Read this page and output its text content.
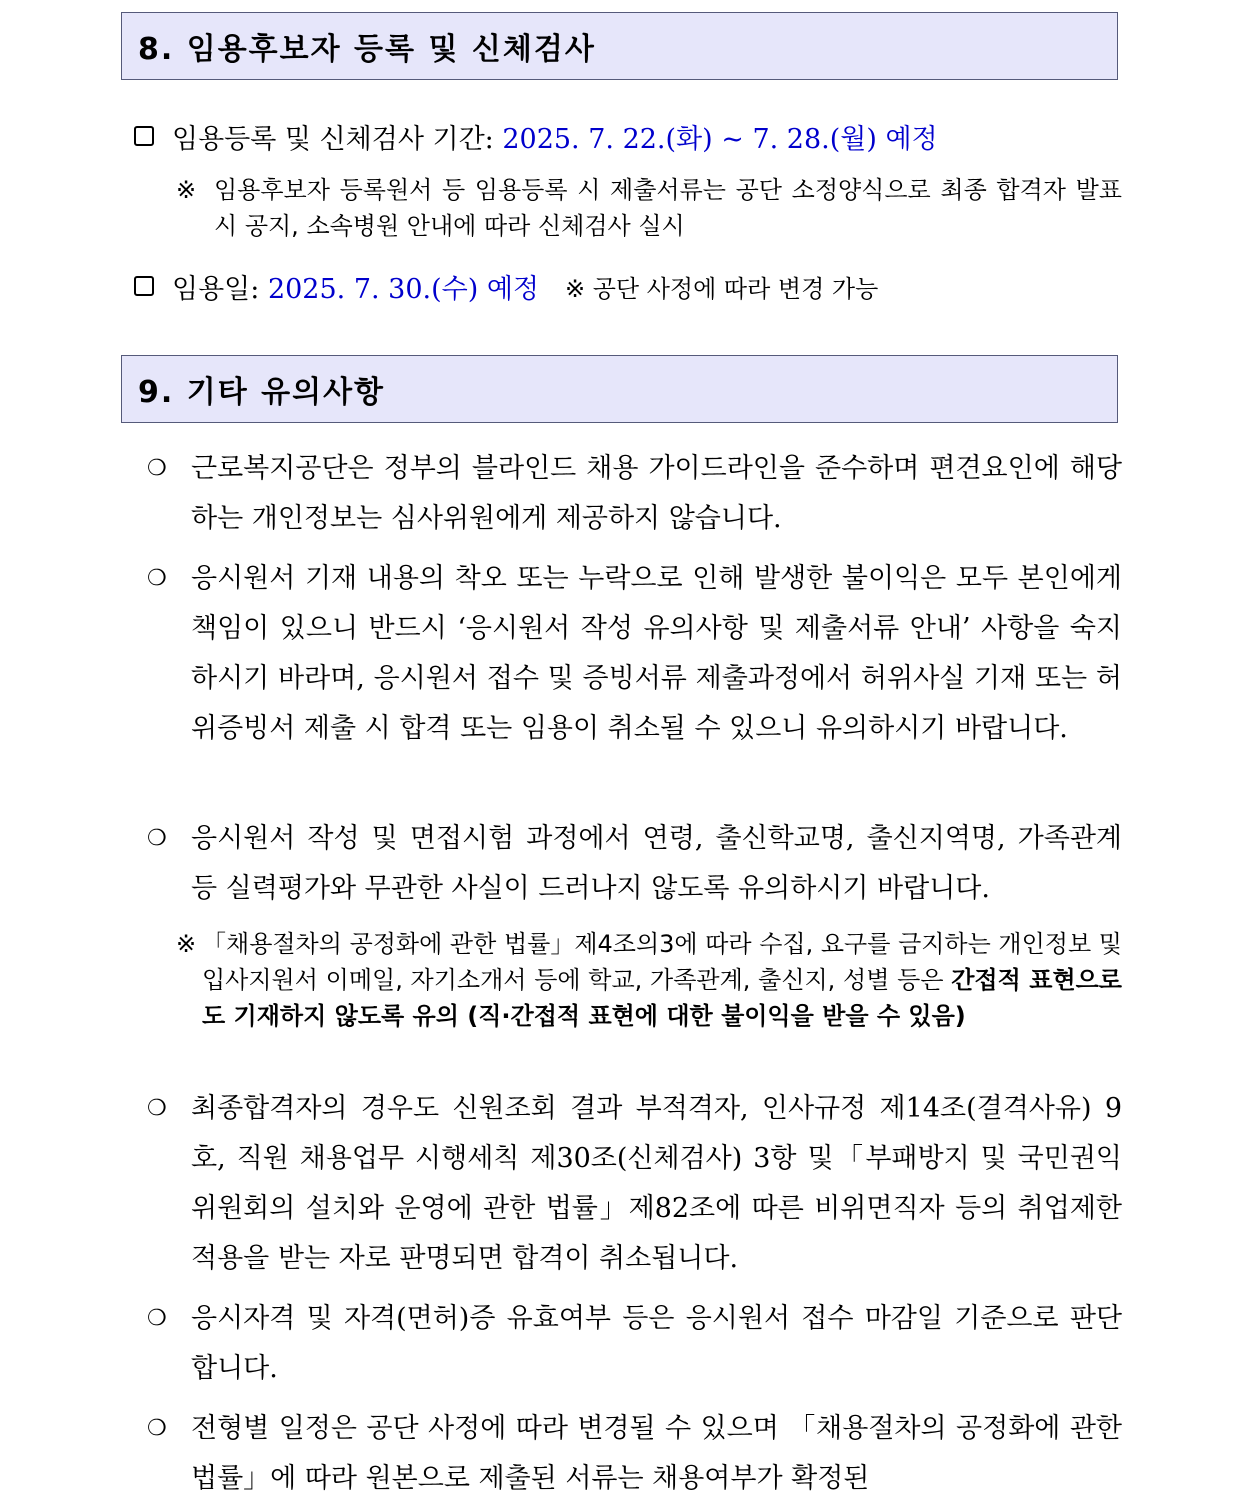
8. 임용후보자 등록 및 신체검사
임용등록 및 신체검사 기간:
2025. 7. 22.(화) ~ 7. 28.(월) 예정
※ 임용후보자 등록원서 등 임용등록 시 제출서류는 공단 소정양식으로 최종 합격자 발표 시 공지, 소속병원 안내에 따라 신체검사 실시
임용일:
2025. 7. 30.(수) 예정 ※ 공단 사정에 따라 변경 가능
9. 기타 유의사항
❍ 근로복지공단은 정부의 블라인드 채용 가이드라인을 준수하며 편견요인에 해당하는 개인정보는 심사위원에게 제공하지 않습니다.
❍ 응시원서 기재 내용의 착오 또는 누락으로 인해 발생한 불이익은 모두 본인에게 책임이 있으니 반드시 ‘응시원서 작성 유의사항 및 제출서류 안내’ 사항을 숙지하시기 바라며, 응시원서 접수 및 증빙서류 제출과정에서 허위사실 기재 또는 허위증빙서 제출 시 합격 또는 임용이 취소될 수 있으니 유의하시기 바랍니다.
❍ 응시원서 작성 및 면접시험 과정에서 연령, 출신학교명, 출신지역명, 가족관계 등 실력평가와 무관한 사실이 드러나지 않도록 유의하시기 바랍니다.
※ 「채용절차의 공정화에 관한 법률」제4조의3에 따라 수집, 요구를 금지하는 개인정보 및 입사지원서 이메일, 자기소개서 등에 학교, 가족관계, 출신지, 성별 등은 간접적 표현으로도 기재하지 않도록 유의 (직·간접적 표현에 대한 불이익을 받을 수 있음)
❍ 최종합격자의 경우도 신원조회 결과 부적격자, 인사규정 제14조(결격사유) 9호, 직원 채용업무 시행세칙 제30조(신체검사) 3항 및「부패방지 및 국민권익위원회의 설치와 운영에 관한 법률」제82조에 따른 비위면직자 등의 취업제한 적용을 받는 자로 판명되면 합격이 취소됩니다.
❍ 응시자격 및 자격(면허)증 유효여부 등은 응시원서 접수 마감일 기준으로 판단합니다.
❍ 전형별 일정은 공단 사정에 따라 변경될 수 있으며 「채용절차의 공정화에 관한 법률」에 따라 원본으로 제출된 서류는 채용여부가 확정된
